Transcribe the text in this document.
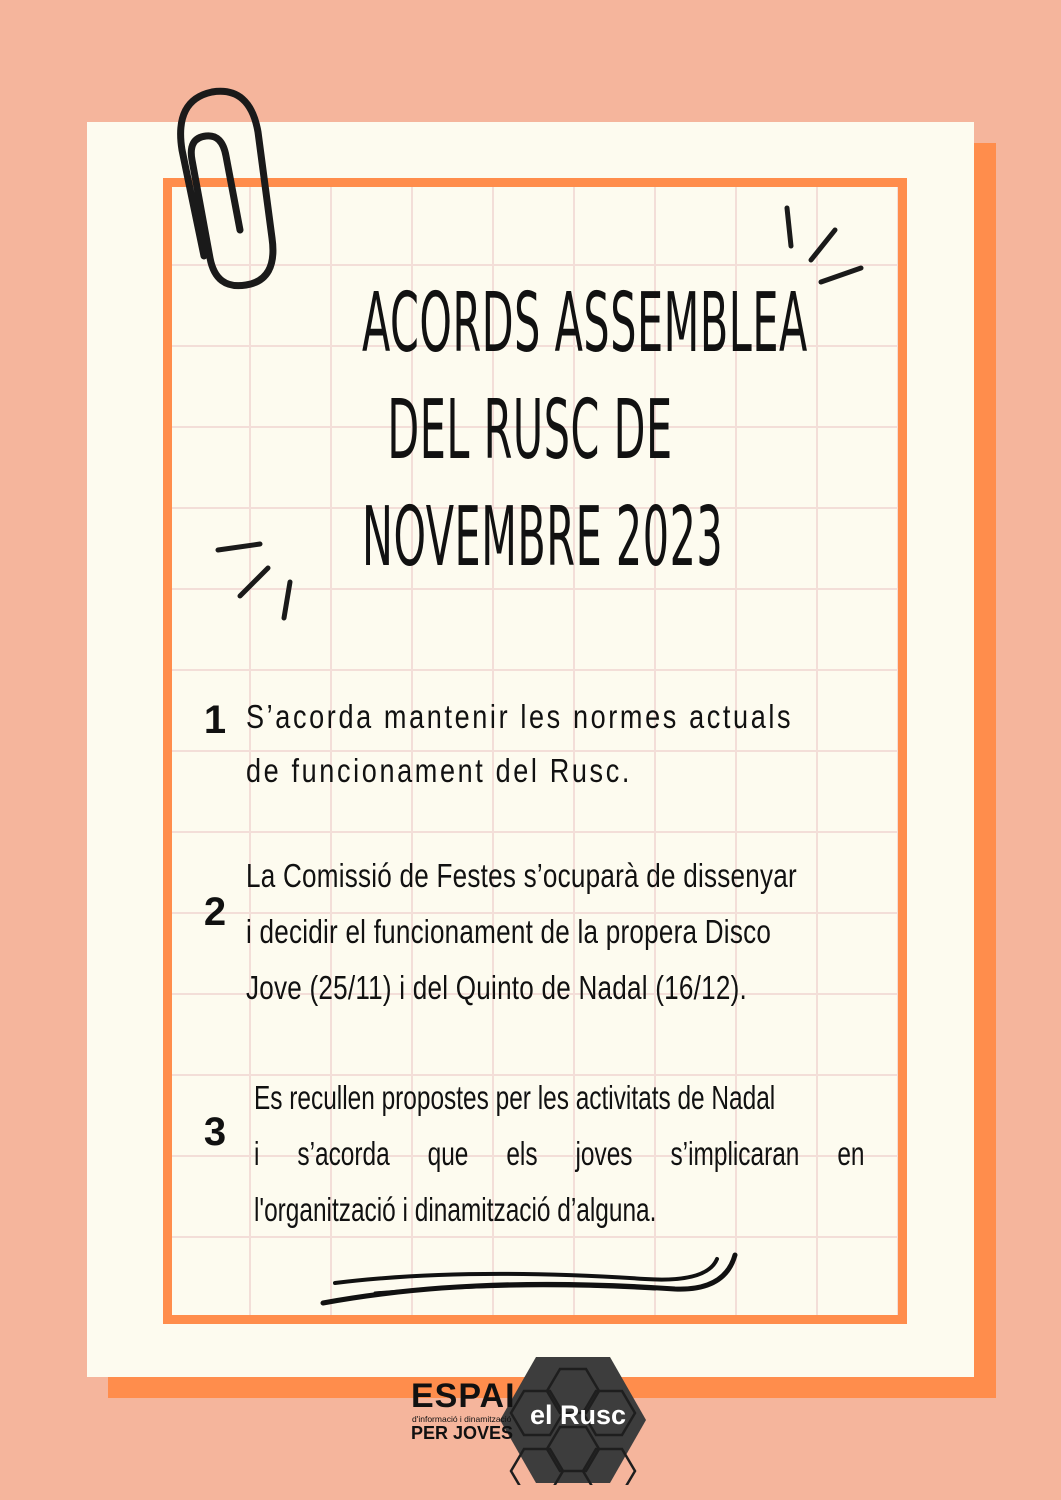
ACORDS ASSEMBLEA
DEL RUSC DE
NOVEMBRE 2023
1 S’acorda mantenir les normes actuals
de funcionament del Rusc.
2
La Comissió de Festes s’ocuparà de dissenyar
i decidir el funcionament de la propera Disco
Jove (25/11) i del Quinto de Nadal (16/12).
3
Es recullen propostes per les activitats de Nadal
i s’acorda que els joves s’implicaran en
l'organització i dinamització d’alguna.
ESPAI
d'informació i dinamització
PER JOVES
el Rusc
